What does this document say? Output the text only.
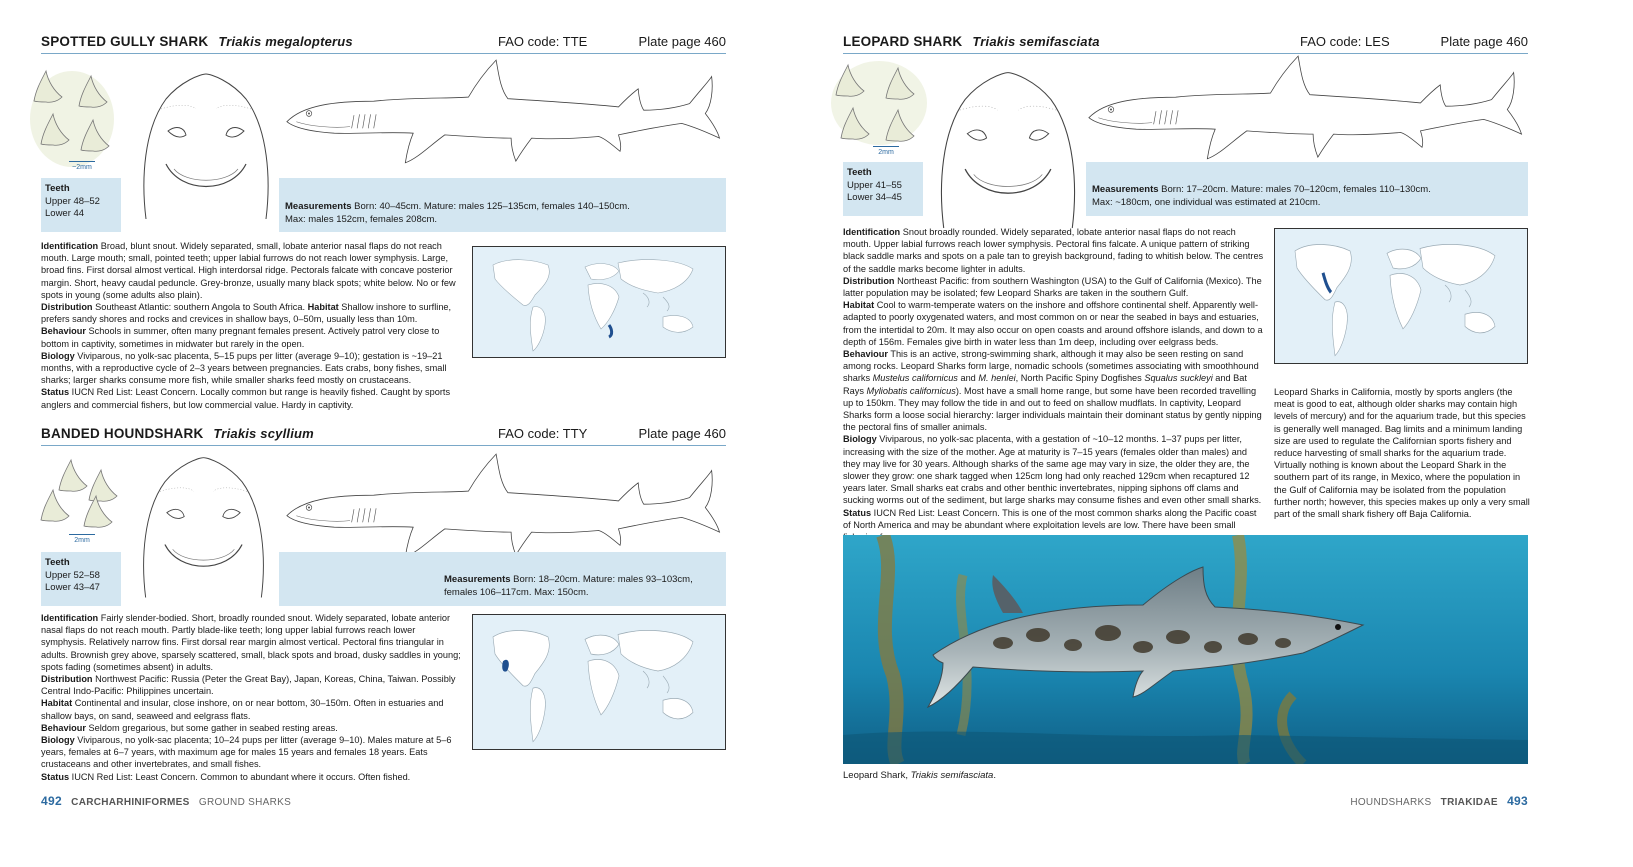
SPOTTED GULLY SHARK Triakis megalopterus	FAO code: TTE	Plate page 460
~2mm
Teeth
Upper 48–52
Lower 44
Measurements Born: 40–45cm. Mature: males 125–135cm, females 140–150cm.
Max: males 152cm, females 208cm.

Identification Broad, blunt snout. Widely separated, small, lobate anterior nasal flaps do not reach mouth. Large mouth; small, pointed teeth; upper labial furrows do not reach lower symphysis. Large, broad fins. First dorsal almost vertical. High interdorsal ridge. Pectorals falcate with concave posterior margin. Short, heavy caudal peduncle. Grey-bronze, usually many black spots; white below. No or few spots in young (some adults also plain).

Distribution Southeast Atlantic: southern Angola to South Africa. Habitat Shallow inshore to surfline, prefers sandy shores and rocks and crevices in shallow bays, 0–50m, usually less than 10m.

Behaviour Schools in summer, often many pregnant females present. Actively patrol very close to bottom in captivity, sometimes in midwater but rarely in the open.

Biology Viviparous, no yolk-sac placenta, 5–15 pups per litter (average 9–10); gestation is ~19–21 months, with a reproductive cycle of 2–3 years between pregnancies. Eats crabs, bony fishes, small sharks; larger sharks consume more fish, while smaller sharks feed mostly on crustaceans.

Status IUCN Red List: Least Concern. Locally common but range is heavily fished. Caught by sports anglers and commercial fishers, but low commercial value. Hardy in captivity.

BANDED HOUNDSHARK Triakis scyllium	FAO code: TTY	Plate page 460
2mm
Teeth
Upper 52–58
Lower 43–47
Measurements Born: 18–20cm. Mature: males 93–103cm,
females 106–117cm. Max: 150cm.

Identification Fairly slender-bodied. Short, broadly rounded snout. Widely separated, lobate anterior nasal flaps do not reach mouth. Partly blade-like teeth; long upper labial furrows reach lower symphysis. Relatively narrow fins. First dorsal rear margin almost vertical. Pectoral fins triangular in adults. Brownish grey above, sparsely scattered, small, black spots and broad, dusky saddles in young; spots fading (sometimes absent) in adults.

Distribution Northwest Pacific: Russia (Peter the Great Bay), Japan, Koreas, China, Taiwan. Possibly Central Indo-Pacific: Philippines uncertain.

Habitat Continental and insular, close inshore, on or near bottom, 30–150m. Often in estuaries and shallow bays, on sand, seaweed and eelgrass flats.

Behaviour Seldom gregarious, but some gather in seabed resting areas.

Biology Viviparous, no yolk-sac placenta; 10–24 pups per litter (average 9–10). Males mature at 5–6 years, females at 6–7 years, with maximum age for males 15 years and females 18 years. Eats crustaceans and other invertebrates, and small fishes.

Status IUCN Red List: Least Concern. Common to abundant where it occurs. Often fished.

492 CARCHARHINIFORMES GROUND SHARKS
LEOPARD SHARK Triakis semifasciata	FAO code: LES	Plate page 460
2mm
Teeth
Upper 41–55
Lower 34–45
Measurements Born: 17–20cm. Mature: males 70–120cm, females 110–130cm.
Max: ~180cm, one individual was estimated at 210cm.

Identification Snout broadly rounded. Widely separated, lobate anterior nasal flaps do not reach mouth. Upper labial furrows reach lower symphysis. Pectoral fins falcate. A unique pattern of striking black saddle marks and spots on a pale tan to greyish background, fading to whitish below. The centres of the saddle marks become lighter in adults.

Distribution Northeast Pacific: from southern Washington (USA) to the Gulf of California (Mexico). The latter population may be isolated; few Leopard Sharks are taken in the southern Gulf.

Habitat Cool to warm-temperate waters on the inshore and offshore continental shelf. Apparently well-adapted to poorly oxygenated waters, and most common on or near the seabed in bays and estuaries, from the intertidal to 20m. It may also occur on open coasts and around offshore islands, and down to a depth of 156m. Females give birth in water less than 1m deep, including over eelgrass beds.

Behaviour This is an active, strong-swimming shark, although it may also be seen resting on sand among rocks. Leopard Sharks form large, nomadic schools (sometimes associating with smoothhound sharks Mustelus californicus and M. henlei, North Pacific Spiny Dogfishes Squalus suckleyi and Bat Rays Myliobatis californicus). Most have a small home range, but some have been recorded travelling up to 150km. They may follow the tide in and out to feed on shallow mudflats. In captivity, Leopard Sharks form a loose social hierarchy: larger individuals maintain their dominant status by gently nipping the pectoral fins of smaller animals.

Biology Viviparous, no yolk-sac placenta, with a gestation of ~10–12 months. 1–37 pups per litter, increasing with the size of the mother. Age at maturity is 7–15 years (females older than males) and they may live for 30 years. Although sharks of the same age may vary in size, the older they are, the slower they grow: one shark tagged when 125cm long had only reached 129cm when recaptured 12 years later. Small sharks eat crabs and other benthic invertebrates, nipping siphons off clams and sucking worms out of the sediment, but large sharks may consume fishes and even other small sharks.

Status IUCN Red List: Least Concern. This is one of the most common sharks along the Pacific coast of North America and may be abundant where exploitation levels are low. There have been small

Leopard Sharks in California, mostly by sports anglers (the meat is good to eat, although older sharks may contain high levels of mercury) and for the aquarium trade, but this species is generally well managed. Bag limits and a minimum landing size are used to regulate the Californian sports fishery and reduce harvesting of small sharks for the aquarium trade. Virtually nothing is known about the Leopard Shark in the southern part of its range, in Mexico, where the population in the Gulf of California may be isolated from the population further north; however, this species makes up only a very small part of the small shark fishery off Baja California.

Leopard Shark, Triakis semifasciata.
HOUNDSHARKS TRIAKIDAE 493
